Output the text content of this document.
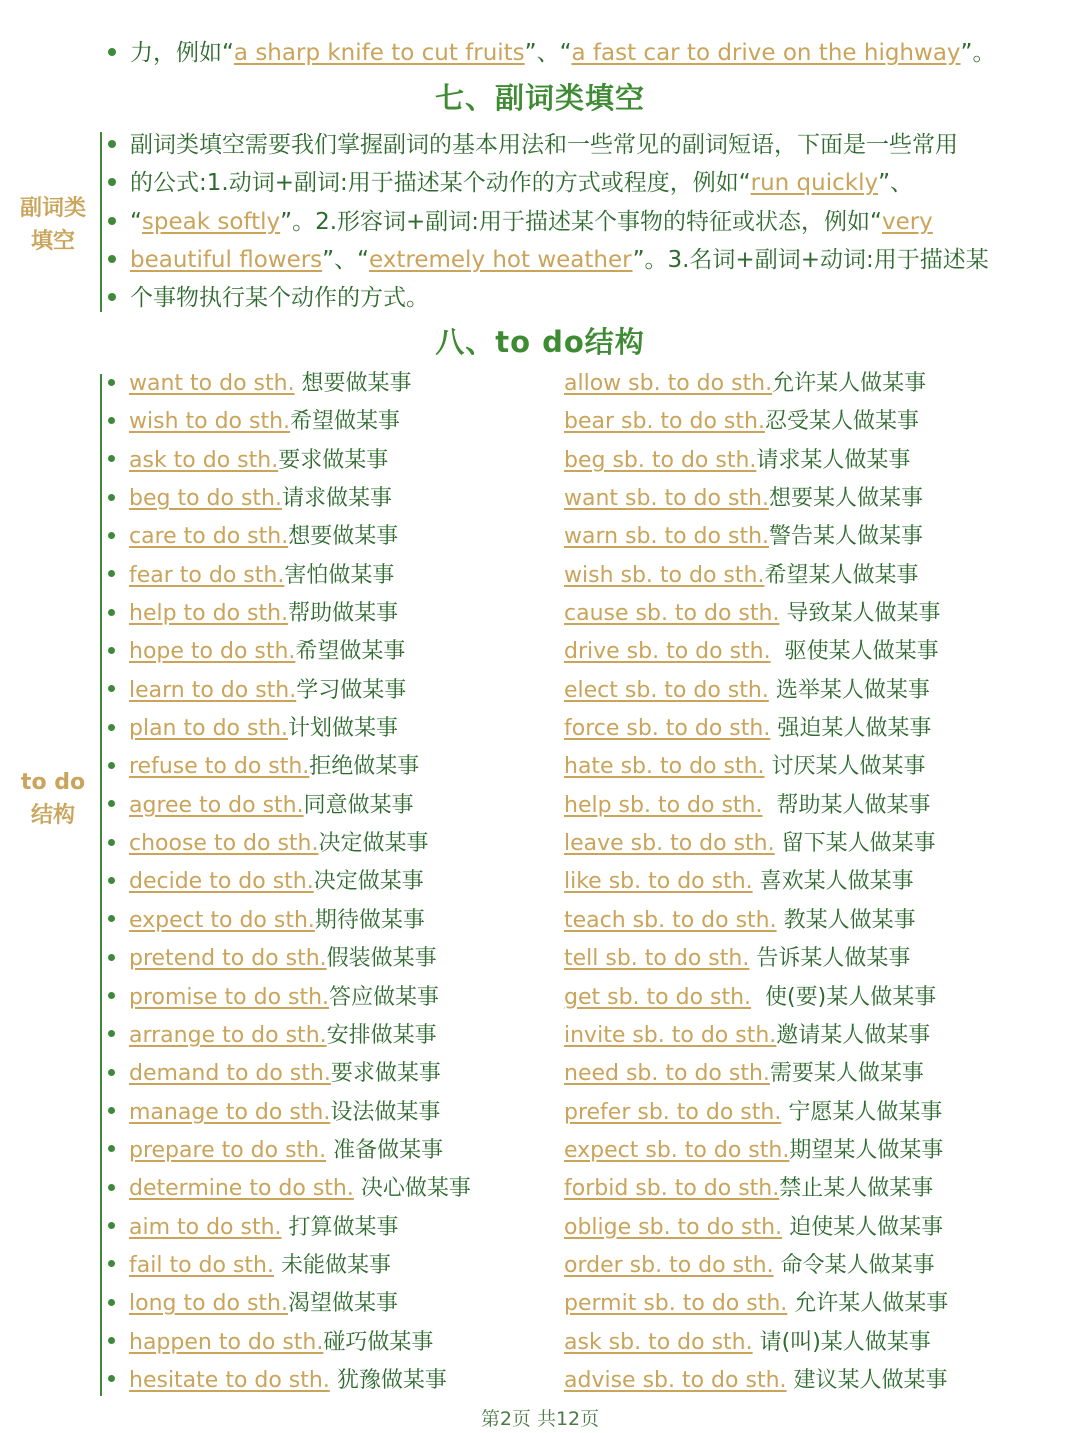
力，例如“a sharp knife to cut fruits”、“a fast car to drive on the highway”。
七、副词类填空
副词类
填空
副词类填空需要我们掌握副词的基本用法和一些常见的副词短语，下面是一些常用
的公式:1.动词+副词:用于描述某个动作的方式或程度，例如“run quickly”、
“speak softly”。2.形容词+副词:用于描述某个事物的特征或状态，例如“very
beautiful flowers”、“extremely hot weather”。3.名词+副词+动词:用于描述某
个事物执行某个动作的方式。
八、to do结构
to do
结构
want to do sth. 想要做某事
wish to do sth.希望做某事
ask to do sth.要求做某事
beg to do sth.请求做某事
care to do sth.想要做某事
fear to do sth.害怕做某事
help to do sth.帮助做某事
hope to do sth.希望做某事
learn to do sth.学习做某事
plan to do sth.计划做某事
refuse to do sth.拒绝做某事
agree to do sth.同意做某事
choose to do sth.决定做某事
decide to do sth.决定做某事
expect to do sth.期待做某事
pretend to do sth.假装做某事
promise to do sth.答应做某事
arrange to do sth.安排做某事
demand to do sth.要求做某事
manage to do sth.设法做某事
prepare to do sth. 准备做某事
determine to do sth. 决心做某事
aim to do sth. 打算做某事
fail to do sth. 未能做某事
long to do sth.渴望做某事
happen to do sth.碰巧做某事
hesitate to do sth. 犹豫做某事
allow sb. to do sth.允许某人做某事
bear sb. to do sth.忍受某人做某事
beg sb. to do sth.请求某人做某事
want sb. to do sth.想要某人做某事
warn sb. to do sth.警告某人做某事
wish sb. to do sth.希望某人做某事
cause sb. to do sth. 导致某人做某事
drive sb. to do sth.  驱使某人做某事
elect sb. to do sth. 选举某人做某事
force sb. to do sth. 强迫某人做某事
hate sb. to do sth. 讨厌某人做某事
help sb. to do sth.  帮助某人做某事
leave sb. to do sth. 留下某人做某事
like sb. to do sth. 喜欢某人做某事
teach sb. to do sth. 教某人做某事
tell sb. to do sth. 告诉某人做某事
get sb. to do sth.  使(要)某人做某事
invite sb. to do sth.邀请某人做某事
need sb. to do sth.需要某人做某事
prefer sb. to do sth. 宁愿某人做某事
expect sb. to do sth.期望某人做某事
forbid sb. to do sth.禁止某人做某事
oblige sb. to do sth. 迫使某人做某事
order sb. to do sth. 命令某人做某事
permit sb. to do sth. 允许某人做某事
ask sb. to do sth. 请(叫)某人做某事
advise sb. to do sth. 建议某人做某事
第2页 共12页
